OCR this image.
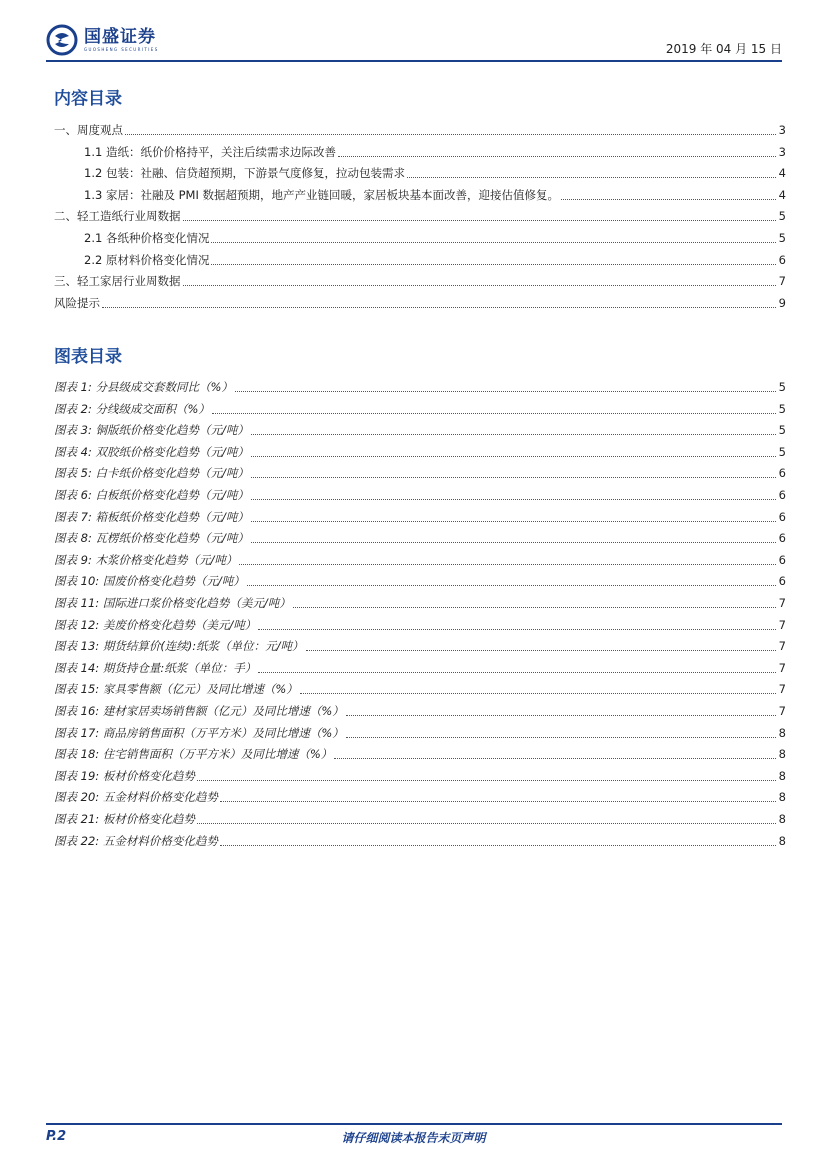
国盛证券
GUOSHENG SECURITIES	2019 年 04 月 15 日
内容目录
一、周度观点	3
1.1 造纸：纸价价格持平，关注后续需求边际改善	3
1.2 包装：社融、信贷超预期，下游景气度修复，拉动包装需求	4
1.3 家居：社融及 PMI 数据超预期，地产产业链回暖，家居板块基本面改善，迎接估值修复。	4
二、轻工造纸行业周数据	5
2.1 各纸种价格变化情况	5
2.2 原材料价格变化情况	6
三、轻工家居行业周数据	7
风险提示	9
图表目录
图表 1: 分县级成交套数同比（%）	5
图表 2: 分线级成交面积（%）	5
图表 3: 铜版纸价格变化趋势（元/吨）	5
图表 4: 双胶纸价格变化趋势（元/吨）	5
图表 5: 白卡纸价格变化趋势（元/吨）	6
图表 6: 白板纸价格变化趋势（元/吨）	6
图表 7: 箱板纸价格变化趋势（元/吨）	6
图表 8: 瓦楞纸价格变化趋势（元/吨）	6
图表 9: 木浆价格变化趋势（元/吨）	6
图表 10: 国废价格变化趋势（元/吨）	6
图表 11: 国际进口浆价格变化趋势（美元/吨）	7
图表 12: 美废价格变化趋势（美元/吨）	7
图表 13: 期货结算价(连续):纸浆（单位：元/吨）	7
图表 14: 期货持仓量:纸浆（单位：手）	7
图表 15: 家具零售额（亿元）及同比增速（%）	7
图表 16: 建材家居卖场销售额（亿元）及同比增速（%）	7
图表 17: 商品房销售面积（万平方米）及同比增速（%）	8
图表 18: 住宅销售面积（万平方米）及同比增速（%）	8
图表 19: 板材价格变化趋势	8
图表 20: 五金材料价格变化趋势	8
图表 21: 板材价格变化趋势	8
图表 22: 五金材料价格变化趋势	8
P.2	请仔细阅读本报告末页声明
